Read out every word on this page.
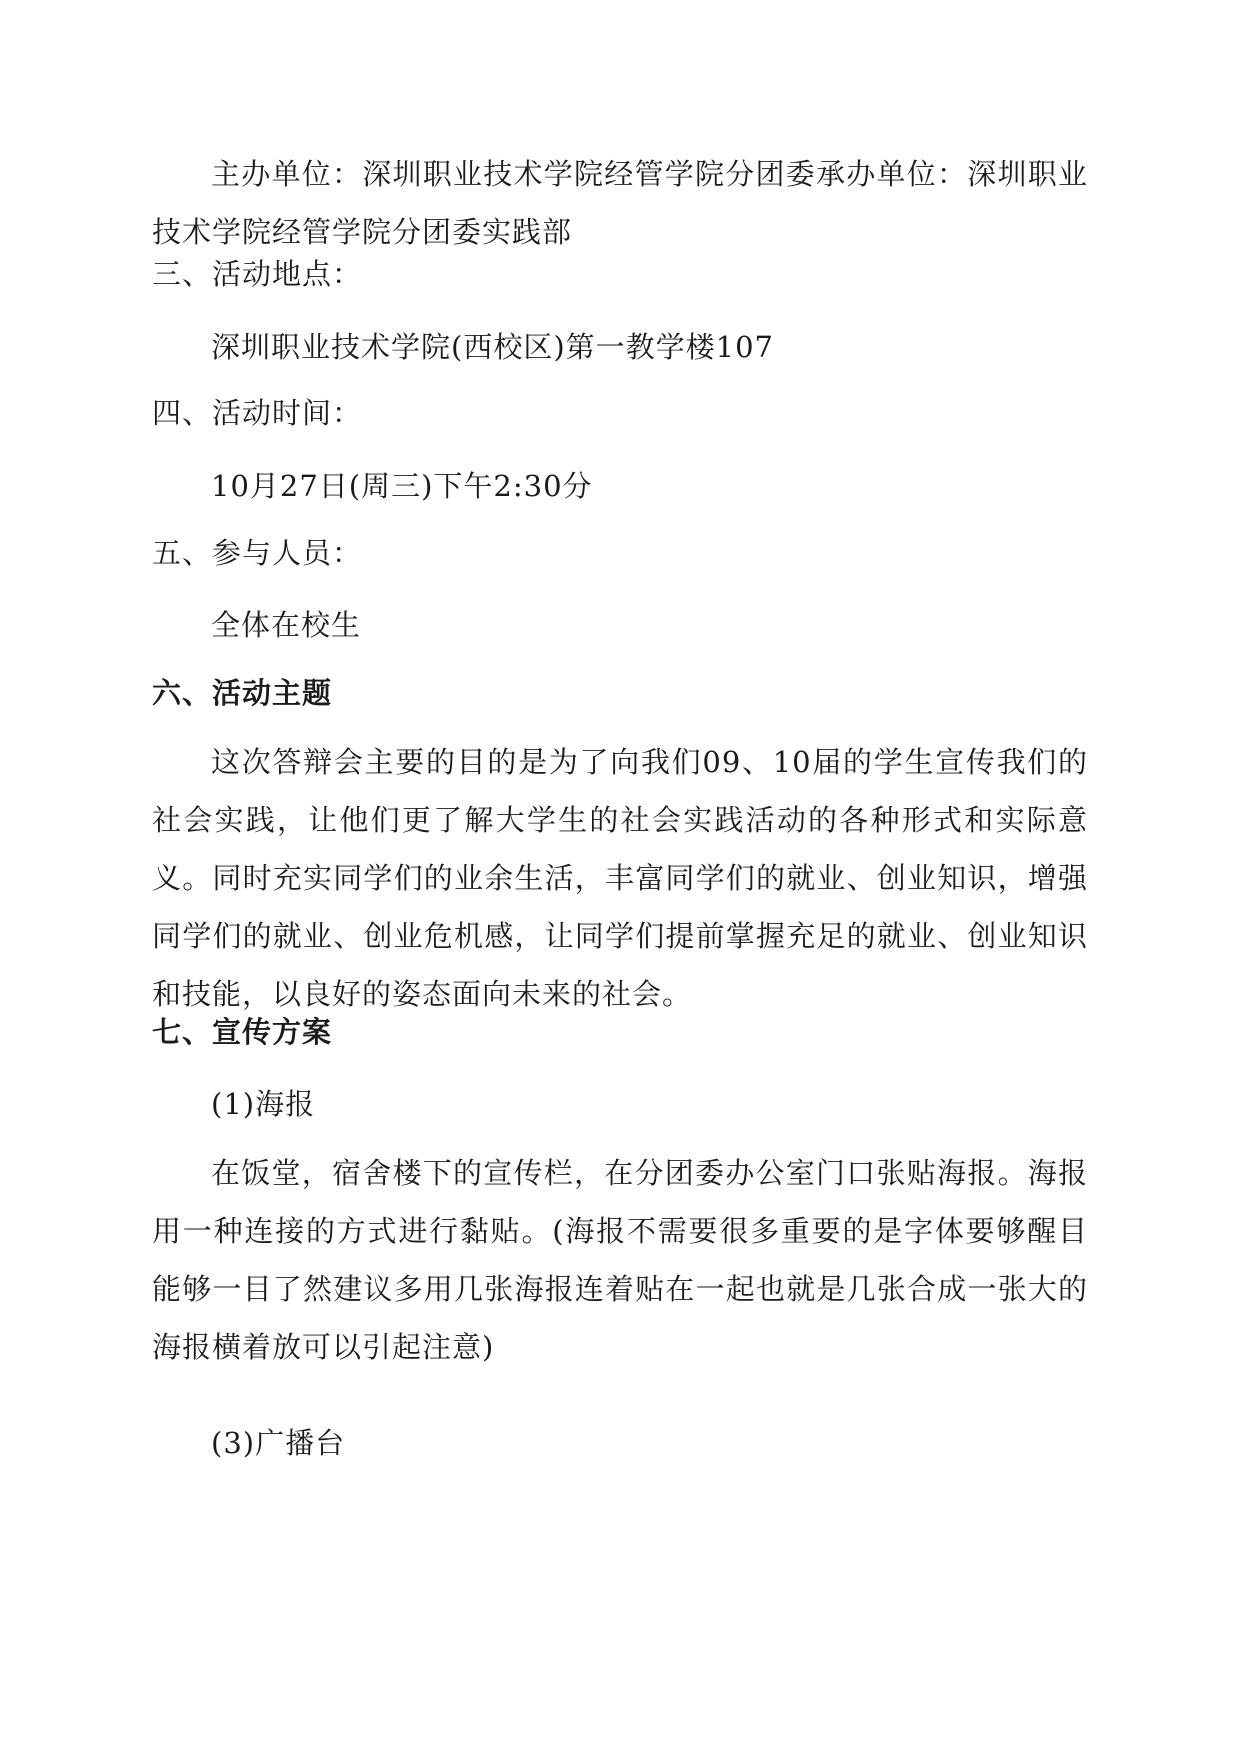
主办单位：深圳职业技术学院经管学院分团委承办单位：深圳职业技术学院经管学院分团委实践部

三、活动地点：

深圳职业技术学院(西校区)第一教学楼107

四、活动时间：

10月27日(周三)下午2:30分

五、参与人员：

全体在校生

六、活动主题

这次答辩会主要的目的是为了向我们09、10届的学生宣传我们的社会实践，让他们更了解大学生的社会实践活动的各种形式和实际意义。同时充实同学们的业余生活，丰富同学们的就业、创业知识，增强同学们的就业、创业危机感，让同学们提前掌握充足的就业、创业知识和技能，以良好的姿态面向未来的社会。

七、宣传方案

(1)海报

在饭堂，宿舍楼下的宣传栏，在分团委办公室门口张贴海报。海报用一种连接的方式进行黏贴。(海报不需要很多重要的是字体要够醒目能够一目了然建议多用几张海报连着贴在一起也就是几张合成一张大的海报横着放可以引起注意)

(3)广播台
